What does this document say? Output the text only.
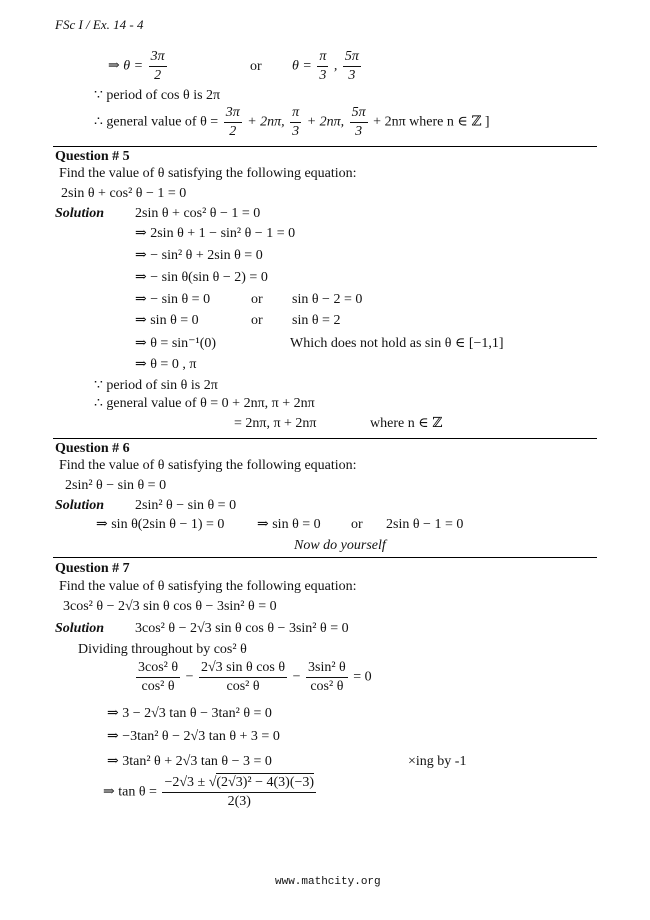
FSc I / Ex. 14 - 4
⇒ $\theta = \frac{3\pi}{2}$	or $\theta = \frac{\pi}{3}$ , $\frac{5\pi}{3}$
∵ period of cos θ is 2π
∴ general value of $\theta = \frac{3\pi}{2} + 2n\pi$, $\frac{\pi}{3} + 2n\pi$, $\frac{5\pi}{3} + 2n\pi$ where n ∈ ℤ ]
Question # 5
Find the value of θ satisfying the following equation:
2sin θ + cos² θ − 1 = 0
Solution 2sin θ + cos² θ − 1 = 0
⇒ 2sin θ + 1 − sin² θ − 1 = 0
⇒ − sin² θ + 2sin θ = 0
⇒ − sin θ(sin θ − 2) = 0
⇒ − sin θ = 0	or sin θ − 2 = 0
⇒ sin θ = 0	or sin θ = 2
⇒ θ = sin⁻¹(0)	Which does not hold as sin θ ∈ [−1,1]
⇒ θ = 0 , π
∵ period of sin θ is 2π
∴ general value of θ = 0 + 2nπ, π + 2nπ
= 2nπ, π + 2nπ	where n ∈ ℤ
Question # 6
Find the value of θ satisfying the following equation:
2sin² θ − sin θ = 0
Solution 2sin² θ − sin θ = 0
⇒ sin θ(2sin θ − 1) = 0 ⇒ sin θ = 0 or 2sin θ − 1 = 0
Now do yourself
Question # 7
Find the value of θ satisfying the following equation:
3cos² θ − 2√3 sin θ cos θ − 3sin² θ = 0
Solution 3cos² θ − 2√3 sin θ cos θ − 3sin² θ = 0
Dividing throughout by cos² θ
$\frac{\text{3cos² θ}}{\text{cos² θ}} - \frac{\text{2√3 sin θ cos θ}}{\text{cos² θ}} - \frac{\text{3sin² θ}}{\text{cos² θ}} = 0$
⇒ 3 − 2√3 tan θ − 3tan² θ = 0
⇒ −3tan² θ − 2√3 tan θ + 3 = 0
⇒ 3tan² θ + 2√3 tan θ − 3 = 0	×ing by -1
⇒ $\tan \theta = \frac{\text{−2√3 ± √(2√3)² − 4(3)(−3)}}{2(3)}$
www.mathcity.org
